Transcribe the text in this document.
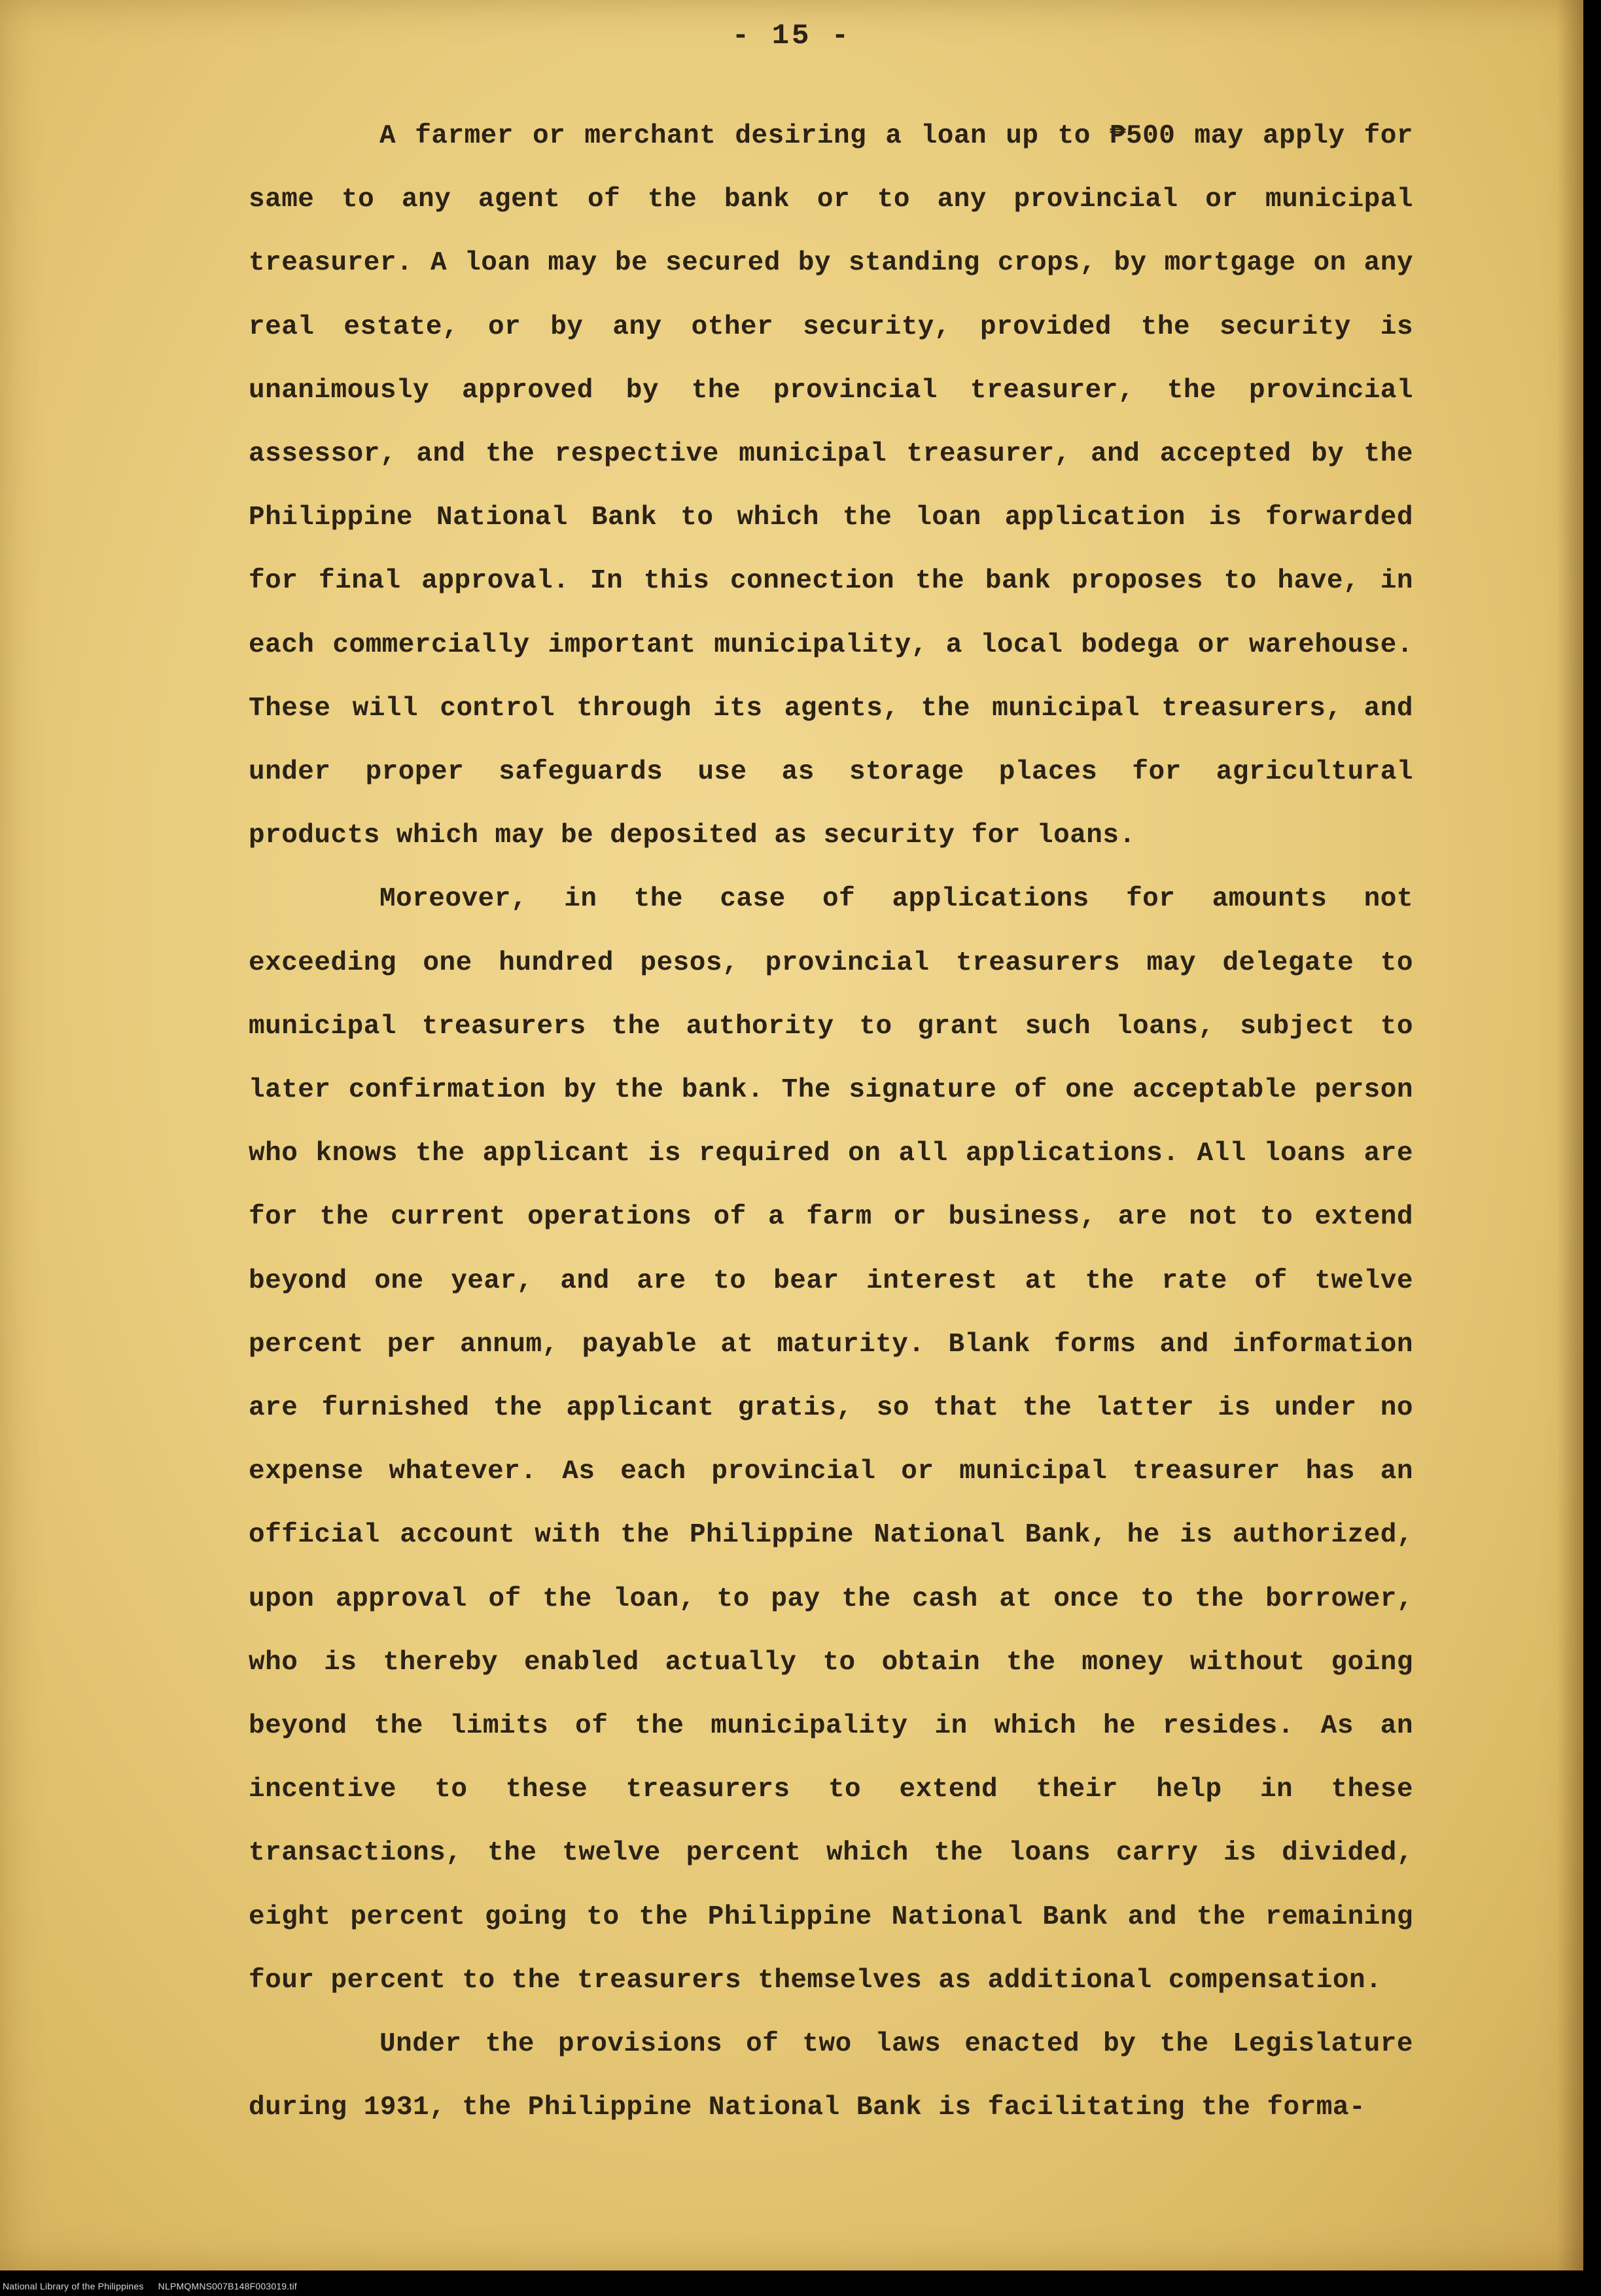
- 15 -

A farmer or merchant desiring a loan up to ₱500 may apply for same to any agent of the bank or to any provincial or municipal treasurer. A loan may be secured by standing crops, by mortgage on any real estate, or by any other security, provided the security is unanimously approved by the provincial treasurer, the provincial assessor, and the respective municipal treasurer, and accepted by the Philippine National Bank to which the loan application is forwarded for final approval. In this connection the bank proposes to have, in each commercially important municipality, a local bodega or warehouse. These will control through its agents, the municipal treasurers, and under proper safeguards use as storage places for agricultural products which may be deposited as security for loans.

Moreover, in the case of applications for amounts not exceeding one hundred pesos, provincial treasurers may delegate to municipal treasurers the authority to grant such loans, subject to later confirmation by the bank. The signature of one acceptable person who knows the applicant is required on all applications. All loans are for the current operations of a farm or business, are not to extend beyond one year, and are to bear interest at the rate of twelve percent per annum, payable at maturity. Blank forms and information are furnished the applicant gratis, so that the latter is under no expense whatever. As each provincial or municipal treasurer has an official account with the Philippine National Bank, he is authorized, upon approval of the loan, to pay the cash at once to the borrower, who is thereby enabled actually to obtain the money without going beyond the limits of the municipality in which he resides. As an incentive to these treasurers to extend their help in these transactions, the twelve percent which the loans carry is divided, eight percent going to the Philippine National Bank and the remaining four percent to the treasurers themselves as additional compensation.

Under the provisions of two laws enacted by the Legislature during 1931, the Philippine National Bank is facilitating the forma-

National Library of the Philippines NLPMQMNS007B148F003019.tif
